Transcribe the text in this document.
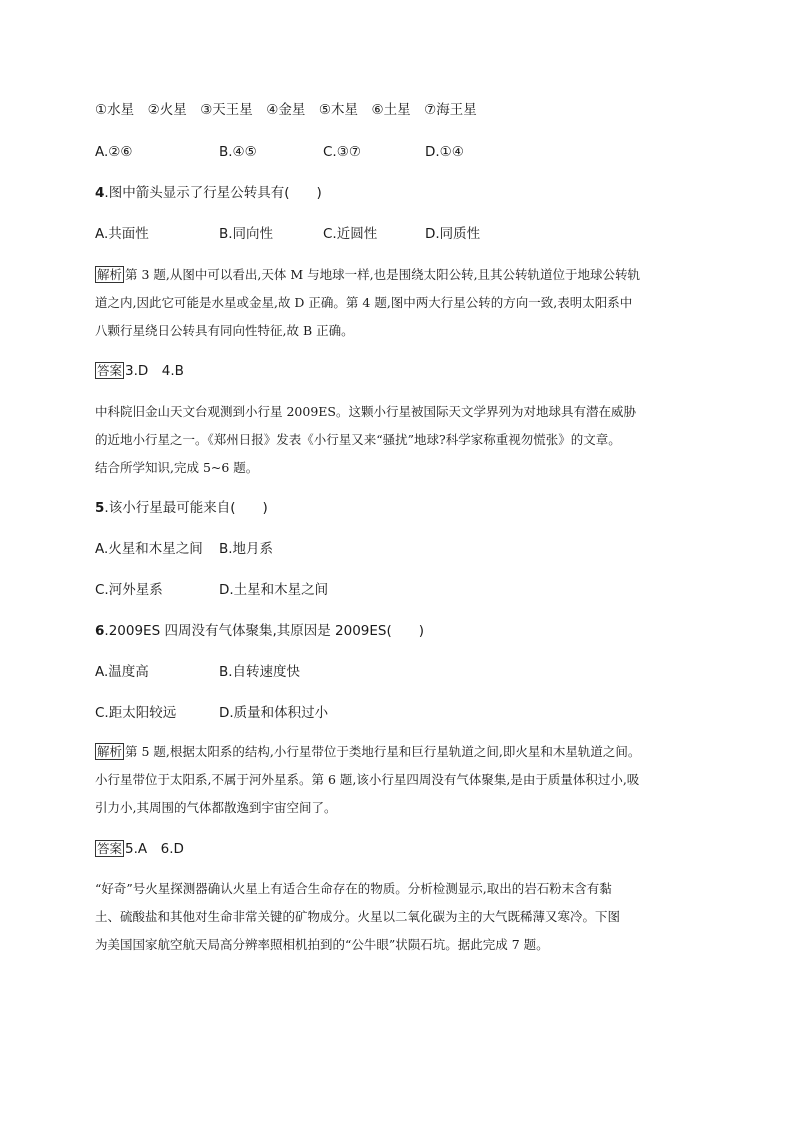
①水星　②火星　③天王星　④金星　⑤木星　⑥土星　⑦海王星
A.②⑥	B.④⑤	C.③⑦	D.①④
4.图中箭头显示了行星公转具有(　　)
A.共面性	B.同向性	C.近圆性	D.同质性
解析 第 3 题,从图中可以看出,天体 M 与地球一样,也是围绕太阳公转,且其公转轨道位于地球公转轨
道之内,因此它可能是水星或金星,故 D 正确。第 4 题,图中两大行星公转的方向一致,表明太阳系中
八颗行星绕日公转具有同向性特征,故 B 正确。
答案 3.D　4.B
中科院旧金山天文台观测到小行星 2009ES。这颗小行星被国际天文学界列为对地球具有潜在威胁
的近地小行星之一。《郑州日报》发表《小行星又来“骚扰”地球?科学家称重视勿慌张》的文章。
结合所学知识,完成 5~6 题。
5.该小行星最可能来自(　　)
A.火星和木星之间 B.地月系
C.河外星系	D.土星和木星之间
6.2009ES 四周没有气体聚集,其原因是 2009ES(　　)
A.温度高	B.自转速度快
C.距太阳较远	D.质量和体积过小
解析 第 5 题,根据太阳系的结构,小行星带位于类地行星和巨行星轨道之间,即火星和木星轨道之间。
小行星带位于太阳系,不属于河外星系。第 6 题,该小行星四周没有气体聚集,是由于质量体积过小,吸
引力小,其周围的气体都散逸到宇宙空间了。
答案 5.A　6.D
“好奇”号火星探测器确认火星上有适合生命存在的物质。分析检测显示,取出的岩石粉末含有黏
土、硫酸盐和其他对生命非常关键的矿物成分。火星以二氧化碳为主的大气既稀薄又寒冷。下图
为美国国家航空航天局高分辨率照相机拍到的“公牛眼”状陨石坑。据此完成 7 题。
